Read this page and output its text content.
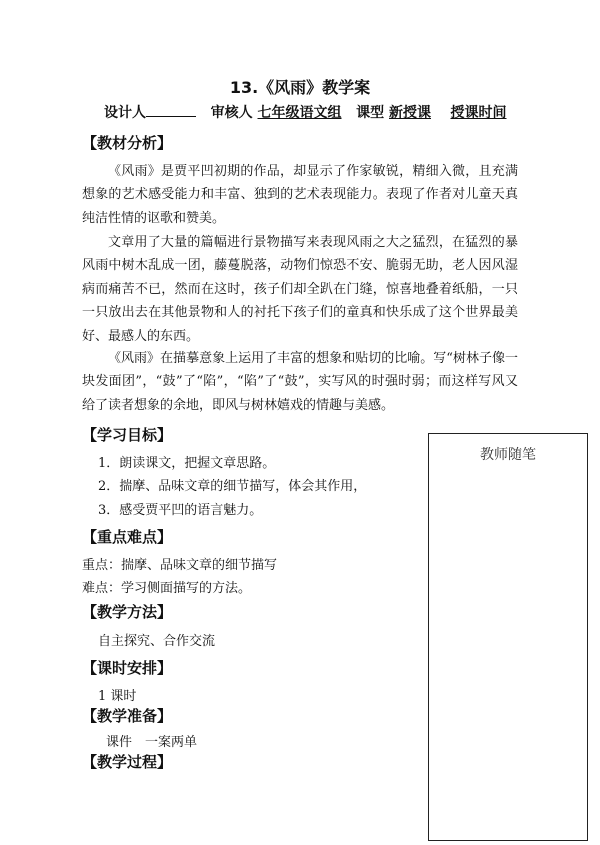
13.《风雨》教学案
设计人	审核人 七年级语文组 课型 新授课 授课时间
【教材分析】
《风雨》是贾平凹初期的作品，却显示了作家敏锐，精细入微，且充满想象的艺术感受能力和丰富、独到的艺术表现能力。表现了作者对儿童天真纯洁性情的讴歌和赞美。
文章用了大量的篇幅进行景物描写来表现风雨之大之猛烈，在猛烈的暴风雨中树木乱成一团，藤蔓脱落，动物们惊恐不安、脆弱无助，老人因风湿病而痛苦不已，然而在这时，孩子们却全趴在门缝，惊喜地叠着纸船，一只一只放出去在其他景物和人的衬托下孩子们的童真和快乐成了这个世界最美好、最感人的东西。
《风雨》在描摹意象上运用了丰富的想象和贴切的比喻。写“树林子像一块发面团”，“鼓”了“陷”，“陷”了“鼓”，实写风的时强时弱；而这样写风又给了读者想象的余地，即风与树林嬉戏的情趣与美感。
【学习目标】
1．朗读课文，把握文章思路。
2．揣摩、品味文章的细节描写，体会其作用，
3．感受贾平凹的语言魅力。
【重点难点】
重点：揣摩、品味文章的细节描写
难点：学习侧面描写的方法。
【教学方法】
自主探究、合作交流
【课时安排】
1 课时
【教学准备】
课件　一案两单
【教学过程】
教师随笔
